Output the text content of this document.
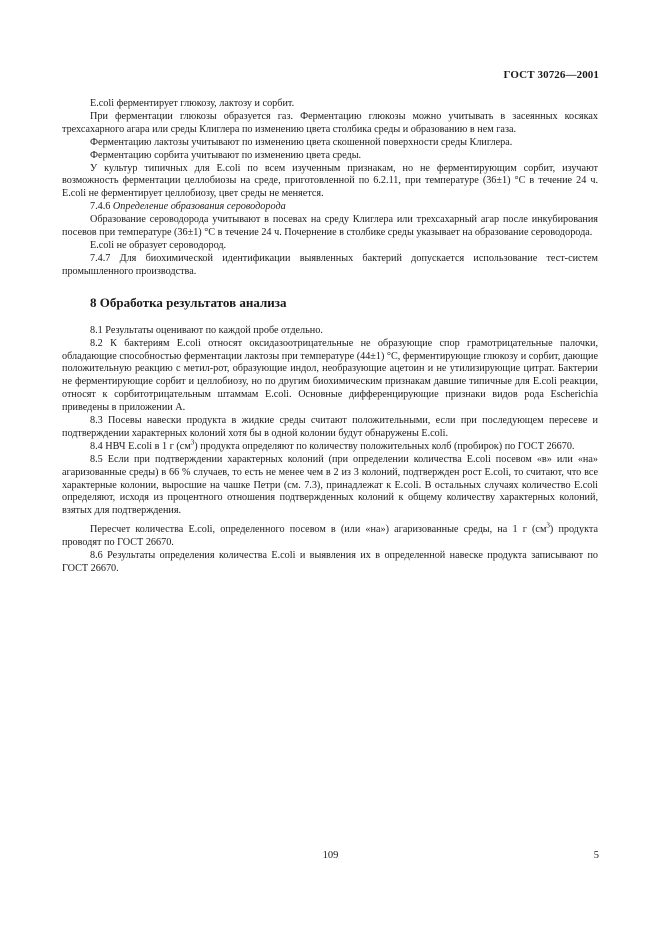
ГОСТ 30726—2001

E.coli ферментирует глюкозу, лактозу и сорбит.

При ферментации глюкозы образуется газ. Ферментацию глюкозы можно учитывать в засеянных косяках трехсахарного агара или среды Клиглера по изменению цвета столбика среды и образованию в нем газа.

Ферментацию лактозы учитывают по изменению цвета скошенной поверхности среды Клиглера.

Ферментацию сорбита учитывают по изменению цвета среды.

У культур типичных для E.coli по всем изученным признакам, но не ферментирующим сорбит, изучают возможность ферментации целлобиозы на среде, приготовленной по 6.2.11, при температуре (36±1) °С в течение 24 ч. E.coli не ферментирует целлобиозу, цвет среды не меняется.

7.4.6 Определение образования сероводорода

Образование сероводорода учитывают в посевах на среду Клиглера или трехсахарный агар после инкубирования посевов при температуре (36±1) °С в течение 24 ч. Почернение в столбике среды указывает на образование сероводорода.

E.coli не образует сероводород.

7.4.7 Для биохимической идентификации выявленных бактерий допускается использование тест-систем промышленного производства.

8 Обработка результатов анализа

8.1 Результаты оценивают по каждой пробе отдельно.

8.2 К бактериям E.coli относят оксидазоотрицательные не образующие спор грамотрицательные палочки, обладающие способностью ферментации лактозы при температуре (44±1) °С, ферментирующие глюкозу и сорбит, дающие положительную реакцию с метил-рот, образующие индол, необразующие ацетоин и не утилизирующие цитрат. Бактерии не ферментирующие сорбит и целлобиозу, но по другим биохимическим признакам давшие типичные для E.coli реакции, относят к сорбитотрицательным штаммам E.coli. Основные дифференцирующие признаки видов рода Escherichia приведены в приложении А.

8.3 Посевы навески продукта в жидкие среды считают положительными, если при последующем пересеве и подтверждении характерных колоний хотя бы в одной колонии будут обнаружены E.coli.

8.4 НВЧ E.coli в 1 г $(см^3)$ продукта определяют по количеству положительных колб (пробирок) по ГОСТ 26670.

8.5 Если при подтверждении характерных колоний (при определении количества E.coli посевом «в» или «на» агаризованные среды) в 66 % случаев, то есть не менее чем в 2 из 3 колоний, подтвержден рост E.coli, то считают, что все характерные колонии, выросшие на чашке Петри (см. 7.3), принадлежат к E.coli. В остальных случаях количество E.coli определяют, исходя из процентного отношения подтвержденных колоний к общему количеству характерных колоний, взятых для подтверждения.

Пересчет количества E.coli, определенного посевом в (или «на») агаризованные среды, на 1 г $(см^3)$ продукта проводят по ГОСТ 26670.

8.6 Результаты определения количества E.coli и выявления их в определенной навеске продукта записывают по ГОСТ 26670.

109	5
